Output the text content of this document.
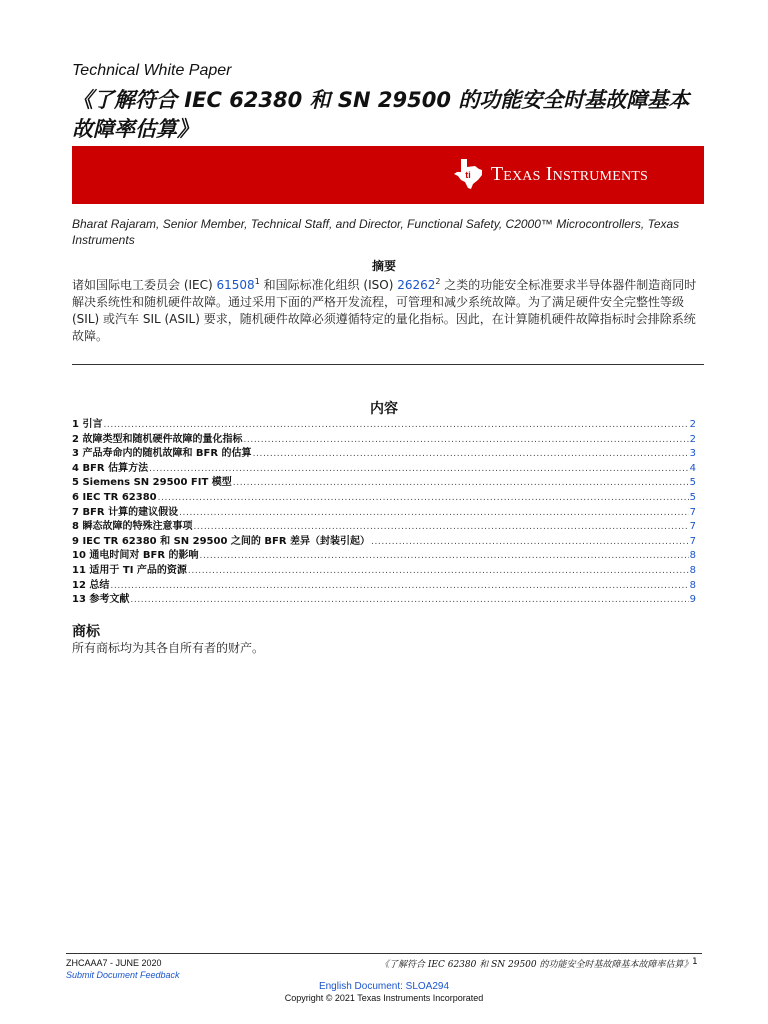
Technical White Paper
《了解符合 IEC 62380 和 SN 29500 的功能安全时基故障基本故障率估算》
ti Texas Instruments
Bharat Rajaram, Senior Member, Technical Staff, and Director, Functional Safety, C2000™ Microcontrollers, Texas Instruments
摘要
诸如国际电工委员会 (IEC) 61508$^1$ 和国际标准化组织 (ISO) 26262$^2$ 之类的功能安全标准要求半导体器件制造商同时解决系统性和随机硬件故障。通过采用下面的严格开发流程，可管理和减少系统故障。为了满足硬件安全完整性等级 (SIL) 或汽车 SIL (ASIL) 要求，随机硬件故障必须遵循特定的量化指标。因此，在计算随机硬件故障指标时会排除系统故障。
内容
1 引言 .....	2
2 故障类型和随机硬件故障的量化指标 .....	2
3 产品寿命内的随机故障和 BFR 的估算 .....	3
4 BFR 估算方法 .....	4
5 Siemens SN 29500 FIT 模型 .....	5
6 IEC TR 62380 .....	5
7 BFR 计算的建议假设 .....	7
8 瞬态故障的特殊注意事项 .....	7
9 IEC TR 62380 和 SN 29500 之间的 BFR 差异（封装引起） .....	7
10 通电时间对 BFR 的影响 .....	8
11 适用于 TI 产品的资源 .....	8
12 总结 .....	8
13 参考文献 .....	9
商标
所有商标均为其各自所有者的财产。
ZHCAAA7 - JUNE 2020
Submit Document Feedback
《了解符合 IEC 62380 和 SN 29500 的功能安全时基故障基本故障率估算》 1
English Document: SLOA294
Copyright © 2021 Texas Instruments Incorporated
